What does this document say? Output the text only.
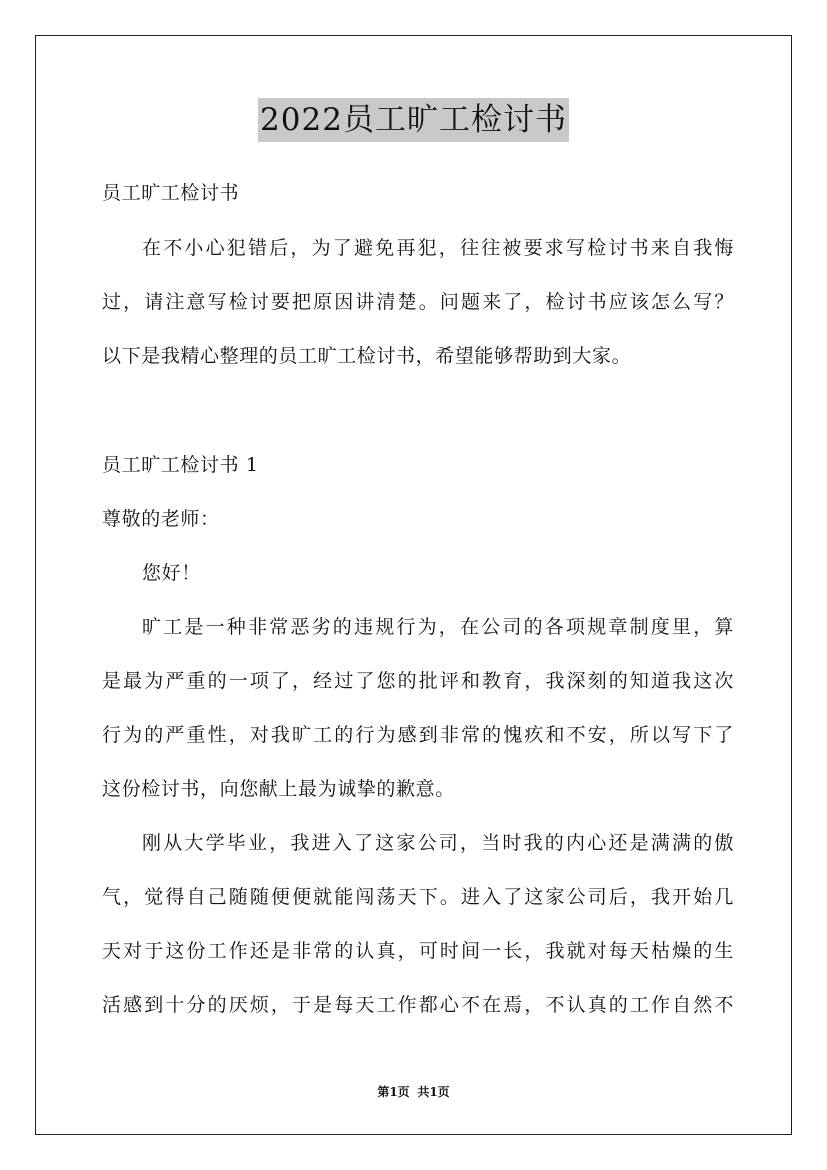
2022员工旷工检讨书
员工旷工检讨书
在不小心犯错后，为了避免再犯，往往被要求写检讨书来自我悔
过，请注意写检讨要把原因讲清楚。问题来了，检讨书应该怎么写？
以下是我精心整理的员工旷工检讨书，希望能够帮助到大家。
员工旷工检讨书 1
尊敬的老师：
您好！
旷工是一种非常恶劣的违规行为，在公司的各项规章制度里，算
是最为严重的一项了，经过了您的批评和教育，我深刻的知道我这次
行为的严重性，对我旷工的行为感到非常的愧疚和不安，所以写下了
这份检讨书，向您献上最为诚挚的歉意。
刚从大学毕业，我进入了这家公司，当时我的内心还是满满的傲
气，觉得自己随随便便就能闯荡天下。进入了这家公司后，我开始几
天对于这份工作还是非常的认真，可时间一长，我就对每天枯燥的生
活感到十分的厌烦，于是每天工作都心不在焉，不认真的工作自然不
第1页 共1页
